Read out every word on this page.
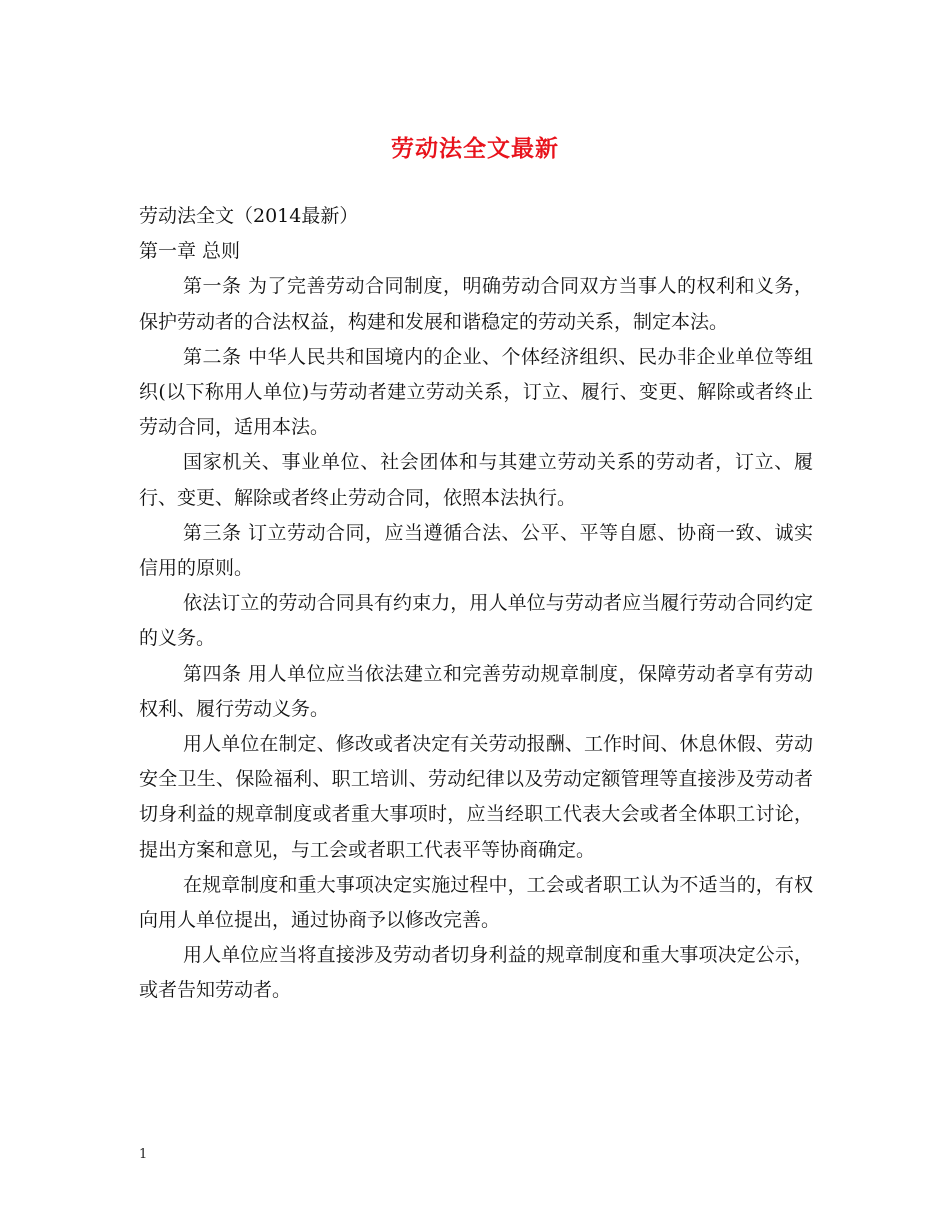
劳动法全文最新

劳动法全文（2014最新）

第一章 总则

第一条 为了完善劳动合同制度，明确劳动合同双方当事人的权利和义务，保护劳动者的合法权益，构建和发展和谐稳定的劳动关系，制定本法。

第二条 中华人民共和国境内的企业、个体经济组织、民办非企业单位等组织(以下称用人单位)与劳动者建立劳动关系，订立、履行、变更、解除或者终止劳动合同，适用本法。

国家机关、事业单位、社会团体和与其建立劳动关系的劳动者，订立、履行、变更、解除或者终止劳动合同，依照本法执行。

第三条 订立劳动合同，应当遵循合法、公平、平等自愿、协商一致、诚实信用的原则。

依法订立的劳动合同具有约束力，用人单位与劳动者应当履行劳动合同约定的义务。

第四条 用人单位应当依法建立和完善劳动规章制度，保障劳动者享有劳动权利、履行劳动义务。

用人单位在制定、修改或者决定有关劳动报酬、工作时间、休息休假、劳动安全卫生、保险福利、职工培训、劳动纪律以及劳动定额管理等直接涉及劳动者切身利益的规章制度或者重大事项时，应当经职工代表大会或者全体职工讨论，提出方案和意见，与工会或者职工代表平等协商确定。

在规章制度和重大事项决定实施过程中，工会或者职工认为不适当的，有权向用人单位提出，通过协商予以修改完善。

用人单位应当将直接涉及劳动者切身利益的规章制度和重大事项决定公示，或者告知劳动者。

1
